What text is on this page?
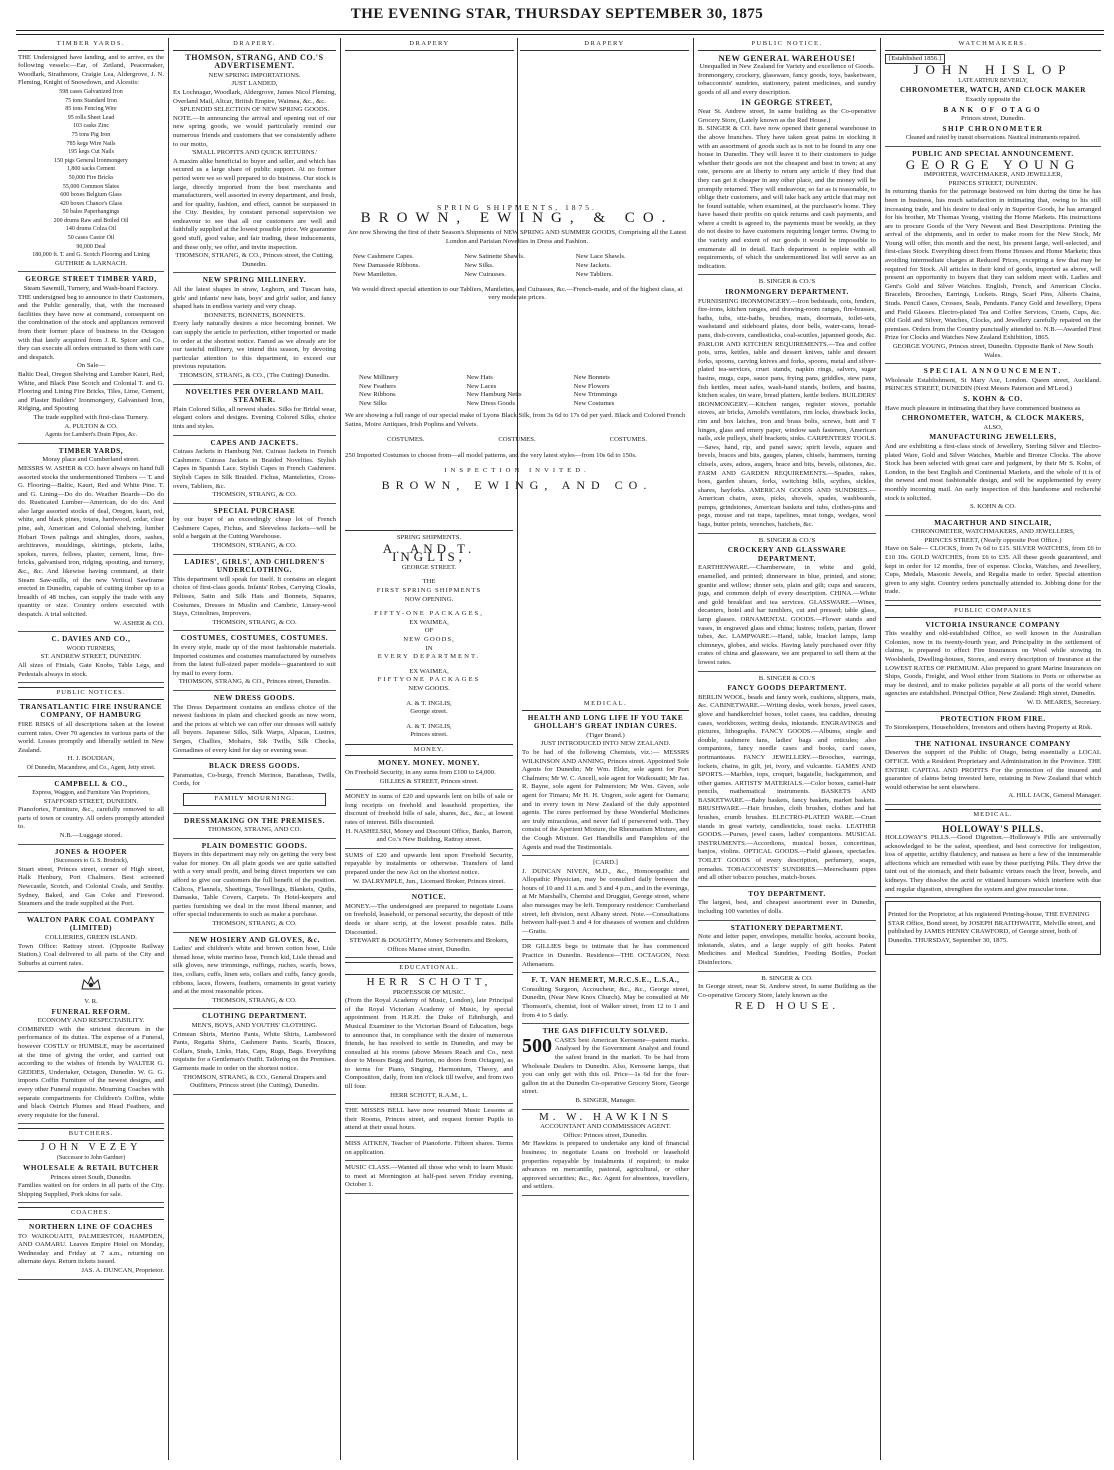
THE EVENING STAR, THURSDAY SEPTEMBER 30, 1875
TIMBER YARDS.

THE Undersigned have landing, and to arrive, ex the following vessels:—Ear, of Zetland, Peacemaker, Woodlark, Strathmore, Craigie Lea, Aldergrove, J. N. Fleming, Knight of Snowdown, and Alcestis:

598 cases Galvanized Iron
75 tons Standard Iron
85 tons Fencing Wire
95 rolls Sheet Lead
103 casks Zinc
75 tons Pig Iron
785 kegs Wire Nails
195 kegs Cut Nails
150 pigs General Ironmongery
1,800 sacks Cement
50,000 Fire Bricks
55,000 Common Slates
600 boxes Belgium Glass
420 boxes Chance's Glass
50 bales Paperhangings
200 drums Raw and Boiled Oil
140 drums Colza Oil
50 cases Castor Oil
90,000 Deal
180,000 ft. T. and G. Scotch Flooring and Lining
GUTHRIE & LARNACH.
GEORGE STREET TIMBER YARD,
Steam Sawmill, Turnery, and Wash-board Factory.

THE undersigned beg to announce to their Customers, and the Public generally, that, with the increased facilities they have now at command, consequent on the combination of the stock and appliances removed from their former place of business in the Octagon with that lately acquired from J. R. Spicer and Co., they can execute all orders entrusted to them with care and despatch.

On Sale—

Baltic Deal, Oregon Shelving and Lumber Kauri, Red, White, and Black Pine Scotch and Colonial T. and G. Flooring and Lining Fire Bricks, Tiles, Lime, Cement, and Plaster Builders' Ironmongery, Galvanised Iron, Ridging, and Spouting

The trade supplied with first-class Turnery.
A. PULTON & CO.
Agents for Lambert's Drain Pipes, &c.
TIMBER YARDS,
Moray place and Cumberland street.

MESSRS W. ASHER & CO. have always on hand full assorted stocks the undermentioned Timbers — T. and G. Flooring—Baltic, Kauri, Red and White Pine. T. and G. Lining—Do do do. Weather Boards—Do do do. Rusticated Lumber—American, do do do. And also large assorted stocks of deal, Oregon, kauri, red, white, and black pines, totara, hardwood, cedar, clear pine, ash, American and Colonial shelving, lumber Hobart Town palings and shingles, doors, sashes, architraves, mouldings, skirtings, pickets, laths, spokes, naves, felloes, plaster, cement, lime, fire-bricks, galvanised iron, ridging, spouting, and turnery, &c., &c. And likewise having command, at their Steam Saw-mills, of the new Vertical Sawframe erected in Dunedin, capable of cutting timber up to a breadth of 48 inches, can supply the trade with any quantity or size. Country orders executed with despatch. A trial solicited.

W. ASHER & CO.
C. DAVIES AND CO.,
WOOD TURNERS,
ST. ANDREW STREET, DUNEDIN.

All sizes of Finials, Gate Knobs, Table Legs, and Pedestals always in stock.

PUBLIC NOTICES.
TRANSATLANTIC FIRE INSURANCE COMPANY, OF HAMBURG

FIRE RISKS of all descriptions taken at the lowest current rates. Over 70 agencies in various parts of the world. Losses promptly and liberally settled in New Zealand.

H. J. BOUDIAN,
Of Dunedin, Macandrew, and Co., Agent, Jetty street.
CAMPBELL & CO.,
Express, Waggon, and Furniture Van Proprietors,
STAFFORD STREET, DUNEDIN.

Pianofortes, Furniture, &c., carefully removed to all parts of town or country. All orders promptly attended to.

N.B.—Luggage stored.
JONES & HOOPER
(Successors to G. S. Brodrick),

Stuart street, Princes street, corner of High street, Halk Henbury, Port Chalmers. Best screened Newcastle, Scotch, and Colonial Coals, and Smithy. Sydney, Baked, and Gas Coke and Firewood. Steamers and the trade supplied at the Port.

WALTON PARK COAL COMPANY (LIMITED)
COLLIERIES, GREEN ISLAND.

Town Office: Rattray street. (Opposite Railway Station.) Coal delivered to all parts of the City and Suburbs at current rates.

V. R.
FUNERAL REFORM.
ECONOMY AND RESPECTABILITY.

COMBINED with the strictest decorum in the performance of its duties. The expense of a Funeral, however COSTLY or HUMBLE, may be ascertained at the time of giving the order, and carried out according to the wishes of friends by WALTER G. GEDDES, Undertaker, Octagon, Dunedin. W. G. G. imports Coffin Furniture of the newest designs, and every other Funeral requisite. Mourning Coaches with separate compartments for Children's Coffins, white and black Ostrich Plumes and Head Feathers, and every requisite for the funeral.

BUTCHERS.
JOHN VEZEY
(Successor to John Gardner)
WHOLESALE & RETAIL BUTCHER
Princes street South, Dunedin.

Families waited on for orders in all parts of the City. Shipping Supplied, Pork skins for sale.

COACHES.
NORTHERN LINE OF COACHES

TO WAIKOUAITI, PALMERSTON, HAMPDEN, AND OAMARU. Leaves Empire Hotel on Monday, Wednesday and Friday at 7 a.m., returning on alternate days. Return tickets issued.

JAS. A. DUNCAN, Proprietor.
DRAPERY.
THOMSON, STRANG, AND CO.'S ADVERTISEMENT.
NEW SPRING IMPORTATIONS.
JUST LANDED,

Ex Lochnagar, Woodlark, Aldergrove, James Nicol Fleming, Overland Mail, Altcar, British Empire, Waimea, &c., &c.

SPLENDID SELECTION OF NEW SPRING GOODS.

NOTE.—In announcing the arrival and opening out of our new spring goods, we would particularly remind our numerous friends and customers that we consistently adhere to our motto,

'SMALL PROFITS AND QUICK RETURNS.'

A maxim alike beneficial to buyer and seller, and which has secured us a large share of public support. At no former period were we so well prepared to do business. Our stock is large, directly imported from the best merchants and manufacturers, well assorted in every department, and fresh, and for quality, fashion, and effect, cannot be surpassed in the City. Besides, by constant personal supervision we endeavour to see that all our customers are well and faithfully supplied at the lowest possible price. We guarantee good stuff, good value, and fair trading, these inducements, and these only, we offer, and invite inspection.

THOMSON, STRANG, & CO., Princes street, the Cutting, Dunedin.
NEW SPRING MILLINERY.

All the latest shapes in straw, Leghorn, and Tuscan hats, girls' and infants' new hats, boys' and girls' sailor, and fancy shaped hats in endless variety and very cheap.

BONNETS, BONNETS, BONNETS.

Every lady naturally desires a nice becoming bonnet. We can supply the article to perfection, either imported or made to order at the shortest notice. Famed as we already are for our tasteful millinery, we intend this season, by devoting particular attention to this department, to exceed our previous reputation.

THOMSON, STRANG, & CO., (The Cutting) Dunedin.
NOVELTIES PER OVERLAND MAIL STEAMER.

Plain Colored Silks, all newest shades. Silks for Bridal wear, elegant colors and designs. Evening Colored Silks, choice tints and styles.

CAPES AND JACKETS.

Cuirass Jackets in Hamburg Net. Cuirass Jackets in French Cashmere. Cuirass Jackets in Braided Novelties. Stylish Capes in Spanish Lace. Stylish Capes in French Cashmere. Stylish Capes in Silk Braided. Fichus, Mantelettes, Cross-overs, Tabliers, &c.

THOMSON, STRANG, & CO.
SPECIAL PURCHASE

by our buyer of an exceedingly cheap lot of French Cashmere Capes, Fichus, and Sleeveless Jackets—will be sold a bargain at the Cutting Warehouse.

THOMSON, STRANG, & CO.
LADIES', GIRLS', AND CHILDREN'S UNDERCLOTHING.

This department will speak for itself. It contains an elegant choice of first-class goods. Infants' Robes, Carrying Cloaks, Pelisses, Satin and Silk Hats and Bonnets, Squares, Costumes, Dresses in Muslin and Cambric, Linsey-wool Stays, Crinolines, Improvers.

THOMSON, STRANG, & CO.
COSTUMES, COSTUMES, COSTUMES.

In every style, made up of the most fashionable materials. Imported costumes and costumes manufactured by ourselves from the latest full-sized paper models—guaranteed to suit by mail to every form.

THOMSON, STRANG, & CO., Princes street, Dunedin.
NEW DRESS GOODS.

The Dress Department contains an endless choice of the newest fashions in plain and checked goods as now worn, and the prices at which we can offer our dresses will satisfy all buyers. Japanese Silks, Silk Warps, Alpacas, Lustres, Serges, Challies, Mohairs, Sik Twills, Silk Checks, Grenadines of every kind for day or evening wear.

BLACK DRESS GOODS.

Paramattas, Co-burgs, French Merinos, Baratheas, Twills, Cords, for

FAMILY MOURNING.
DRESSMAKING ON THE PREMISES.
THOMSON, STRANG, AND CO.
PLAIN DOMESTIC GOODS.

Buyers in this department may rely on getting the very best value for money. On all plain goods we are quite satisfied with a very small profit, and being direct importers we can afford to give our customers the full benefit of the position. Calicos, Flannels, Sheetings, Towellings, Blankets, Quilts, Damasks, Table Covers, Carpets. To Hotel-keepers and parties furnishing we deal in the most liberal manner, and offer special inducements to such as make a purchase.

THOMSON, STRANG, & CO.
NEW HOSIERY AND GLOVES, &c.

Ladies' and children's white and brown cotton hose, Lisle thread hose, white merino hose, French kid, Lisle thread and silk gloves, new trimmings, ruffings, ruches, scarfs, bows, ties, collars, cuffs, linen sets, collars and cuffs, fancy goods, ribbons, laces, flowers, feathers, ornaments in great variety and at the most reasonable prices.

THOMSON, STRANG, & CO.
CLOTHING DEPARTMENT.
MEN'S, BOYS, AND YOUTHS' CLOTHING.

Crimean Shirts, Merino Pants, White Shirts, Lambswool Pants, Regatta Shirts, Cashmere Pants. Scarfs, Braces, Collars, Studs, Links, Hats, Caps, Rugs, Bags. Everything requisite for a Gentleman's Outfit. Tailoring on the Premises. Garments made to order on the shortest notice.

THOMSON, STRANG, & CO., General Drapers and Outfitters, Princes street (the Cutting), Dunedin.
DRAPERY	DRAPERY
SPRING SHIPMENTS, 1875.
BROWN, EWING, & CO.

Are now Showing the first of their Season's Shipments of NEW SPRING AND SUMMER GOODS, Comprising all the Latest London and Parisian Novelties in Dress and Fashion.

New Cashmere Capes.	New Satinette Shawls.	New Lace Shawls.
New Damassée Ribbons.	New Silks.	New Jackets.
New Mantlettes.	New Cuirasses.	New Tabliers.

We would direct special attention to our Tabliers, Mantlettes, and Cuirasses, &c.—French-made, and of the highest class, at very moderate prices.

New Millinery	New Hats	New Bonnets
New Feathers	New Laces	New Flowers
New Ribbons	New Hamburg Netts	New Trimmings
New Silks	New Dress Goods	New Costumes

We are showing a full range of our special make of Lyons Black Silk, from 3s 6d to 17s 6d per yard. Black and Colored French Satins, Moire Antiques, Irish Poplins and Velvets.

COSTUMES.	COSTUMES.	COSTUMES.

250 Imported Costumes to choose from—all model patterns, and the very latest styles—from 10s 6d to 150s.

INSPECTION INVITED.
BROWN, EWING, AND CO.
SPRING SHIPMENTS.
A. AND T. INGLIS,
GEORGE STREET.
THE
FIRST SPRING SHIPMENTS
NOW OPENING.
FIFTY-ONE PACKAGES,
EX WAIMEA,
OF
NEW GOODS,
IN
EVERY DEPARTMENT.
EX WAIMEA,
FIFTYONE PACKAGES
NEW GOODS.
A. & T. INGLIS,
George street.
A. & T. INGLIS,
Princes street.
MONEY.
MONEY. MONEY. MONEY.

On Freehold Security, in any sums from £100 to £4,000.

GILLIES & STREET, Princes street.

MONEY in sums of £20 and upwards lent on bills of sale or long receipts on freehold and leasehold properties, the discount of freehold bills of sale, shares, &c., &c., at lowest rates of interest. Bills discounted.

H. NASHELSKI, Money and Discount Office, Banks, Barron, and Co.'s New Building, Rattray street.

SUMS of £20 and upwards lent upon Freehold Security, repayable by instalments or otherwise. Transfers of land prepared under the new Act on the shortest notice.

W. DALRYMPLE, Jun., Licensed Broker, Princes street.
NOTICE.

MONEY.—The undersigned are prepared to negotiate Loans on freehold, leasehold, or personal security, the deposit of title deeds or share scrip, at the lowest possible rates. Bills Discounted.

STEWART & DOUGHTY, Money Scriveners and Brokers, Offices Manse street, Dunedin.
EDUCATIONAL.
HERR SCHOTT,
PROFESSOR OF MUSIC.

(From the Royal Academy of Music, London), late Principal of the Royal Victorian Academy of Music, by special appointment from H.R.H. the Duke of Edinburgh, and Musical Examiner to the Victorian Board of Education, begs to announce that, in compliance with the desire of numerous friends, he has resolved to settle in Dunedin, and may be consulted at his rooms (above Messrs Reach and Co., next door to Messrs Begg and Burton, no doors from Octagon), as to terms for Piano, Singing, Harmonium, Theory, and Composition, daily, from ten o'clock till twelve, and from two till four.

HERR SCHOTT, R.A.M., L.

THE MISSES BELL have now resumed Music Lessons at their Rooms, Princes street, and request former Pupils to attend at their usual hours.

MISS AITKEN, Teacher of Pianoforte. Fifteen shares. Terms on application.

MUSIC CLASS.—Wanted all those who wish to learn Music to meet at Mornington at half-past seven Friday evening, October 1.

MEDICAL.
HEALTH AND LONG LIFE IF YOU TAKE GHOLLAH'S GREAT INDIAN CURES.
(Tiger Brand.)
JUST INTRODUCED INTO NEW ZEALAND.

To be had of the following Chemists, viz.:— MESSRS WILKINSON AND ANNING, Princes street. Appointed Sole Agents for Dunedin; Mr Wm. Elder, sole agent for Port Chalmers; Mr W. C. Ancell, sole agent for Waikouaiti; Mr Jas. R. Bayne, sole agent for Palmerston; Mr Wm. Given, sole agent for Timaru; Mr H. H. Ungren, sole agent for Oamaru; and in every town in New Zealand of the duly appointed agents. The cures performed by these Wonderful Medicines are truly miraculous, and never fail if persevered with. They consist of the Aperient Mixture, the Rheumatism Mixture, and the Cough Mixture. Get Handbills and Pamphlets of the Agents and read the Testimonials.

[CARD.]

J. DUNCAN NIVEN, M.D., &c., Homoeopathic and Allopathic Physician, may be consulted daily between the hours of 10 and 11 a.m. and 3 and 4 p.m., and in the evenings, at Mr Marshall's, Chemist and Druggist, George street, where also messages may be left. Temporary residence: Cumberland street, left division, next Albany street. Note.—Consultations between half-past 3 and 4 for diseases of women and children—Gratis.

DR GILLIES begs to intimate that he has commenced Practice in Dunedin. Residence—THE OCTAGON, Next Athenaeum.

F. T. VAN HEMERT, M.R.C.S.E., L.S.A.,

Consulting Surgeon, Accoucheur, &c., &c., George street, Dunedin, (Near New Knox Church). May be consulted at Mr Thomson's, chemist, foot of Walker street, from 12 to 1 and from 4 to 5 daily.

THE GAS DIFFICULTY SOLVED.

500 CASES best American Kerosene—patent marks. Analysed by the Government Analyst and found the safest brand in the market. To be had from Wholesale Dealers in Dunedin. Also, Kerosene lamps, that you can only get with this oil. Price—1s 6d for the four-gallon tin at the Dunedin Co-operative Grocery Store, George street.

B. SINGER, Manager.
M. W. HAWKINS
ACCOUNTANT AND COMMISSION AGENT.
Office: Princes street, Dunedin.

Mr Hawkins is prepared to undertake any kind of financial business; to negotiate Loans on freehold or leasehold properties repayable by instalments if required; to make advances on mercantile, pastoral, agricultural, or other approved securities; &c., &c. Agent for absentees, travellers, and settlers.

PUBLIC NOTICE.
NEW GENERAL WAREHOUSE!
Unequalled in New Zealand for Variety and excellence of Goods.

Ironmongery, crockery, glassware, fancy goods, toys, basketware, tobacconists' sundries, stationery, patent medicines, and sundry goods of all and every description.

IN GEORGE STREET,

Near St. Andrew street, In same building as the Co-operative Grocery Store, (Lately known as the Red House.)

B. SINGER & CO. have now opened their general warehouse in the above branches. They have taken great pains in stocking it with an assortment of goods such as is not to be found in any one house in Dunedin. They will leave it to their customers to judge whether their goods are not the cheapest and best in town; at any rate, persons are at liberty to return any article if they find that they can get it cheaper in any other place, and the money will be promptly returned. They will endeavour, so far as is reasonable, to oblige their customers, and will take back any article that may not be found suitable, when examined, at the purchaser's home. They have based their profits on quick returns and cash payments, and where a credit is agreed to, the payments must be weekly, as they do not desire to have customers requiring longer terms. Owing to the variety and extent of our goods it would be impossible to enumerate all in detail. Each department is replete with all requirements, of which the undermentioned list will serve as an indication.

B. SINGER & CO.'S
IRONMONGERY DEPARTMENT.

FURNISHING IRONMONGERY.—Iron bedsteads, cots, fenders, fire-irons, kitchen ranges, and drawing-room ranges, fire-brasses, baths, tubs, sitz-baths, brushes, mats, doormats, toilet-sets, washstand and sideboard plates, door bells, water-cans, bread-pans, dish-covers, candlesticks, coal-scuttles, japanned goods, &c. PARLOR AND KITCHEN REQUIREMENTS.—Tea and coffee pots, urns, kettles, table and dessert knives, table and dessert forks, spoons, carving knives and forks, spoons, metal and silver-plated tea-services, cruet stands, napkin rings, salvers, sugar basins, mugs, cups, sauce pans, frying pans, griddles, stew pans, fish kettles, meat safes, wash-hand stands, boilers, and basins, kitchen scales, tin ware, bread platters, kettle boilers. BUILDERS' IRONMONGERY.—Kitchen ranges, register stoves, portable stoves, air bricks, Arnold's ventilators, rim locks, drawback locks, rim and box latches, iron and brass bolts, screws, butt and T hinges, glass and emery paper, window sash fasteners, American nails, axle pulleys, shelf brackets, sinks. CARPENTERS' TOOLS.—Saws, hand, rip, and panel saws; spirit levels, square and bevels, braces and bits, gauges, planes, chisels, hammers, turning chisels, axes, adzes, augers, brace and bits, bevels, oilstones, &c. FARM AND GARDEN REQUIREMENTS.—Spades, rakes, hoes, garden shears, forks, switching bills, scythes, sickles, shares, hayforks. AMERICAN GOODS AND SUNDRIES.—American chairs, axes, picks, shovels, spades, washboards, pumps, grindstones, American baskets and tubs, clothes-pins and pegs, mouse and rat traps, tapelines, meat tongs, wedges, wool bags, butter prints, wrenches, hatchets, &c.

B. SINGER & CO.'S
CROCKERY AND GLASSWARE DEPARTMENT.

EARTHENWARE.—Chamberware, in white and gold, enamelled, and printed; dinnerware in blue, printed, and stone; granite and willow; dinner sets, plain and gilt; cups and saucers, jugs, and common delph of every description. CHINA.—White and gold breakfast and tea services. GLASSWARE.—Wines, decanters, hotel and bar tumblers, cut and pressed; table glass, lamp glasses. ORNAMENTAL GOODS.—Flower stands and vases, in engraved glass and china; lustres; toilets, parian, flower tubes, &c. LAMPWARE.—Hand, table, bracket lamps, lamp chimneys, globes, and wicks. Having lately purchased over fifty crates of china and glassware, we are prepared to sell them at the lowest rates.

B. SINGER & CO.'S
FANCY GOODS DEPARTMENT.

BERLIN WOOL, beads and fancy work, cushions, slippers, mats, &c. CABINETWARE.—Writing desks, work boxes, jewel cases, glove and handkerchief boxes, toilet cases, tea caddies, dressing cases, workboxes, writing desks, inkstands. ENGRAVINGS and pictures, lithographs. FANCY GOODS.—Albums, single and double, cashmere fans, ladies' bags and reticules; also companions, fancy needle cases and books, card cases, portmanteaus. FANCY JEWELLERY.—Brooches, earrings, lockets, chains, in gilt, jet, ivory, and vulcanite. GAMES AND SPORTS.—Marbles, tops, croquet, bagatelle, backgammon, and other games. ARTISTS' MATERIALS.—Color boxes, camel-hair pencils, mathematical instruments. BASKETS AND BASKETWARE.—Baby baskets, fancy baskets, market baskets. BRUSHWARE.—Hair brushes, cloth brushes, clothes and hat brushes, crumb brushes. ELECTRO-PLATED WARE.—Cruet stands in great variety, candlesticks, toast racks. LEATHER GOODS.—Purses, jewel cases, ladies' companions. MUSICAL INSTRUMENTS.—Accordions, musical boxes, concertinas, banjos, violins. OPTICAL GOODS.—Field glasses, spectacles. TOILET GOODS of every description, perfumery, soaps, pomades. TOBACCONISTS' SUNDRIES.—Meerschaum pipes and all other tobacco pouches, match-boxes.

TOY DEPARTMENT.

The largest, best, and cheapest assortment ever in Dunedin, including 100 varieties of dolls.

STATIONERY DEPARTMENT.

Note and letter paper, envelopes, metallic books, account books, inkstands, slates, and a large supply of gift books. Patent Medicines and Medical Sundries, Feeding Bottles, Pocket Disinfectors.

B. SINGER & CO.

In George street, near St. Andrew street, In same Building as the Co-operative Grocery Store, lately known as the

RED HOUSE.
WATCHMAKERS.
[Established 1856.]
JOHN HISLOP
LATE ARTHUR BEVERLY,
CHRONOMETER, WATCH, AND CLOCK MAKER
Exactly opposite the
BANK OF OTAGO
Princes street, Dunedin.
SHIP CHRONOMETER
Cleaned and rated by transit observations. Nautical instruments repaired.
PUBLIC AND SPECIAL ANNOUNCEMENT.
GEORGE YOUNG
IMPORTER, WATCHMAKER, AND JEWELLER,
PRINCES STREET, DUNEDIN.

In returning thanks for the patronage bestowed on him during the time he has been in business, has much satisfaction in intimating that, owing to his still increasing trade, and his desire to deal only in Superior Goods, he has arranged for his brother, Mr Thomas Young, visiting the Home Markets. His instructions are to procure Goods of the Very Newest and Best Descriptions. Printing the arrival of the shipments, and in order to make room for the New Stock, Mr Young will offer, this month and the next, his present large, well-selected, and first-class Stock. Everything direct from Home Houses and Home Markets; thus avoiding intermediate charges at Reduced Prices, excepting a few that may be required for Stock. All articles in their kind of goods, imported as above, will present an opportunity to buyers that they can seldom meet with. Ladies and Gent's Gold and Silver Watches. English, French, and American Clocks. Bracelets, Brooches, Earrings, Lockets. Rings, Scarf Pins, Alberts Chains, Studs. Pencil Cases, Crosses, Seals, Pendants. Fancy Gold and Jewellery, Opera and Field Glasses. Electro-plated Tea and Coffee Services, Cruets, Cups, &c. Old Gold and Silver, Watches, Clocks, and Jewellery carefully repaired on the premises. Orders from the Country punctually attended to. N.B.—Awarded First Prize for Clocks and Watches New Zealand Exhibition, 1865.

GEORGE YOUNG, Princes street, Dunedin. Opposite Bank of New South Wales.
SPECIAL ANNOUNCEMENT.

Wholesale Establishment, St Mary Axe, London. Queen street, Auckland. PRINCES STREET, DUNEDIN (Next Messrs Paterson and M'Leod.)

S. KOHN & CO.

Have much pleasure in intimating that they have commenced business as

CHRONOMETER, WATCH, & CLOCK MAKERS,
ALSO,
MANUFACTURING JEWELLERS,

And are exhibiting a first-class stock of Jewellery, Sterling Silver and Electro-plated Ware, Gold and Silver Watches, Marble and Bronze Clocks. The above Stock has been selected with great care and judgment, by their Mr S. Kohn, of London, in the best English and Continental Markets, and the whole of it is of the newest and most fashionable design, and will be supplemented by every monthly incoming mail. An early inspection of this handsome and recherché stock is solicited.

S. KOHN & CO.
MACARTHUR AND SINCLAIR,
CHRONOMETER, WATCHMAKERS, AND JEWELLERS,
PRINCES STREET, (Nearly opposite Post Office.)

Have on Sale— CLOCKS, from 7s 6d to £15. SILVER WATCHES, from £6 to £10 10s. GOLD WATCHES, from £6 to £35. All these goods guaranteed, and kept in order for 12 months, free of expense. Clocks, Watches, and Jewellery, Cups, Medals, Masonic Jewels, and Regalia made to order. Special attention given to any sight. Country orders punctually attended to. Jobbing done for the trade.

PUBLIC COMPANIES
VICTORIA INSURANCE COMPANY

This wealthy and old-established Office, so well known in the Australian Colonies, now in its twenty-fourth year, and Principality in the settlement of claims, is prepared to effect Fire Insurances on Wool while stowing in Woolsheds, Dwelling-houses, Stores, and every description of Insurance at the LOWEST RATES OF PREMIUM. Also prepared to grant Marine Insurances on Ships, Goods, Freight, and Wool either from Stations to Ports or otherwise as may be desired, and to make policies payable at all ports of the world where agencies are established. Principal Office, New Zealand: High street, Dunedin.

W. D. MEARES, Secretary.
PROTECTION FROM FIRE.

To Storekeepers, Householders, Investors and others having Property at Risk.

THE NATIONAL INSURANCE COMPANY

Deserves the support of the Public of Otago, being essentially a LOCAL OFFICE. With a Resident Proprietary and Administration in the Province. THE ENTIRE CAPITAL AND PROFITS For the protection of the insured and guarantee of claims being invested here, retaining in New Zealand that which would otherwise be sent elsewhere.

A. HILL JACK, General Manager.
MEDICAL.
HOLLOWAY'S PILLS.

HOLLOWAY'S PILLS.—Good Digestion.—Holloway's Pills are universally acknowledged to be the safest, speediest, and best corrective for indigestion, loss of appetite, acidity flatulency, and nausea as here a few of the innumerable affections which are remedied with ease by these purifying Pills. They drive the taint out of the stomach, and their balsamic virtues reach the liver, bowels, and kidneys. They dissolve the acrid or vitiated humours which interfere with due and regular digestion, strengthen the system and give muscular tone.

Printed for the Proprietor, at his registered Printing-house, THE EVENING STAR Office, Bond street, by JOSEPH BRAITHWAITE, Melville street, and published by JAMES HENRY CRAWFORD, of George street, both of Dunedin. THURSDAY, September 30, 1875.
